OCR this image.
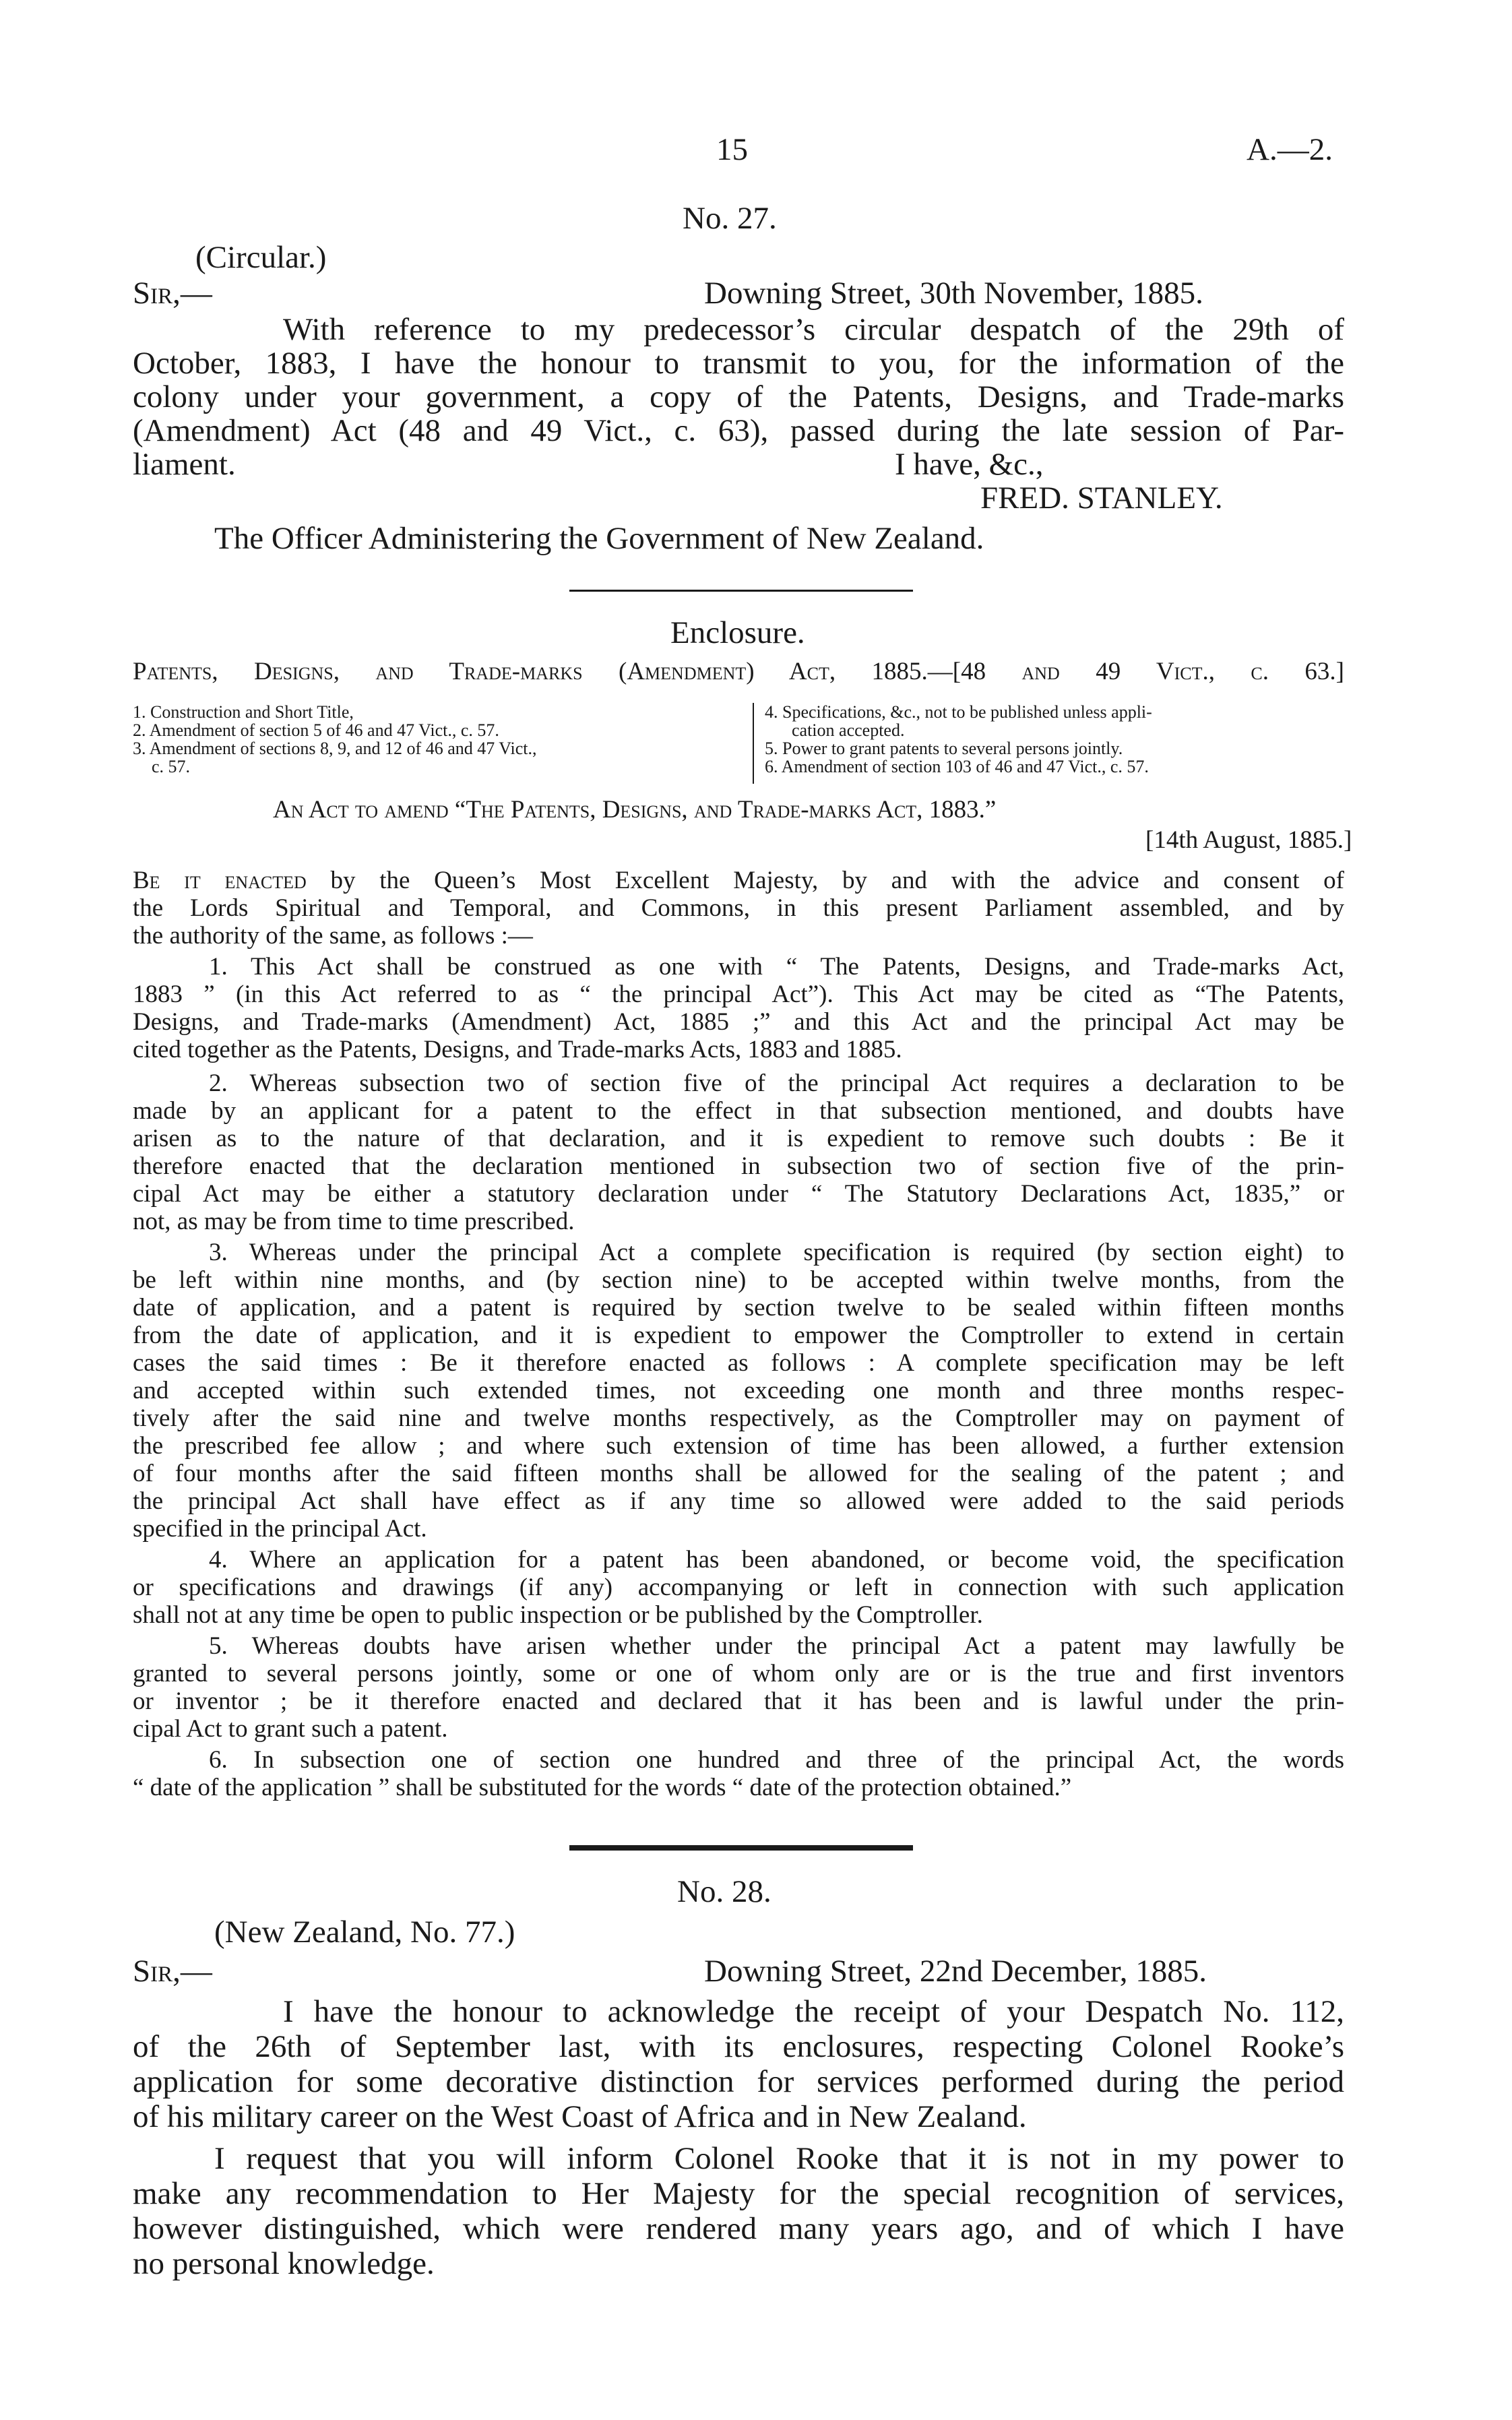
15	A.—2.
No. 27.
(Circular.)
Sir,—	Downing Street, 30th November, 1885.
With reference to my predecessor’s circular despatch of the 29th of
October, 1883, I have the honour to transmit to you, for the information of the
colony under your government, a copy of the Patents, Designs, and Trade-marks
(Amendment) Act (48 and 49 Vict., c. 63), passed during the late session of Par-
liament.	I have, &c.,
FRED. STANLEY.
The Officer Administering the Government of New Zealand.
Enclosure.
Patents, Designs, and Trade-marks (Amendment) Act, 1885.—[48 and 49 Vict., c. 63.]
1. Construction and Short Title,
2. Amendment of section 5 of 46 and 47 Vict., c. 57.
3. Amendment of sections 8, 9, and 12 of 46 and 47 Vict.,
c. 57.
4. Specifications, &c., not to be published unless appli-
cation accepted.
5. Power to grant patents to several persons jointly.
6. Amendment of section 103 of 46 and 47 Vict., c. 57.
An Act to amend “The Patents, Designs, and Trade-marks Act, 1883.”
[14th August, 1885.]
Be it enacted by the Queen’s Most Excellent Majesty, by and with the advice and consent of
the Lords Spiritual and Temporal, and Commons, in this present Parliament assembled, and by
the authority of the same, as follows :—
1. This Act shall be construed as one with “ The Patents, Designs, and Trade-marks Act,
1883 ” (in this Act referred to as “ the principal Act”). This Act may be cited as “The Patents,
Designs, and Trade-marks (Amendment) Act, 1885 ;” and this Act and the principal Act may be
cited together as the Patents, Designs, and Trade-marks Acts, 1883 and 1885.
2. Whereas subsection two of section five of the principal Act requires a declaration to be
made by an applicant for a patent to the effect in that subsection mentioned, and doubts have
arisen as to the nature of that declaration, and it is expedient to remove such doubts : Be it
therefore enacted that the declaration mentioned in subsection two of section five of the prin-
cipal Act may be either a statutory declaration under “ The Statutory Declarations Act, 1835,” or
not, as may be from time to time prescribed.
3. Whereas under the principal Act a complete specification is required (by section eight) to
be left within nine months, and (by section nine) to be accepted within twelve months, from the
date of application, and a patent is required by section twelve to be sealed within fifteen months
from the date of application, and it is expedient to empower the Comptroller to extend in certain
cases the said times : Be it therefore enacted as follows : A complete specification may be left
and accepted within such extended times, not exceeding one month and three months respec-
tively after the said nine and twelve months respectively, as the Comptroller may on payment of
the prescribed fee allow ; and where such extension of time has been allowed, a further extension
of four months after the said fifteen months shall be allowed for the sealing of the patent ; and
the principal Act shall have effect as if any time so allowed were added to the said periods
specified in the principal Act.
4. Where an application for a patent has been abandoned, or become void, the specification
or specifications and drawings (if any) accompanying or left in connection with such application
shall not at any time be open to public inspection or be published by the Comptroller.
5. Whereas doubts have arisen whether under the principal Act a patent may lawfully be
granted to several persons jointly, some or one of whom only are or is the true and first inventors
or inventor ; be it therefore enacted and declared that it has been and is lawful under the prin-
cipal Act to grant such a patent.
6. In subsection one of section one hundred and three of the principal Act, the words
“ date of the application ” shall be substituted for the words “ date of the protection obtained.”
No. 28.
(New Zealand, No. 77.)
Sir,—	Downing Street, 22nd December, 1885.
I have the honour to acknowledge the receipt of your Despatch No. 112,
of the 26th of September last, with its enclosures, respecting Colonel Rooke’s
application for some decorative distinction for services performed during the period
of his military career on the West Coast of Africa and in New Zealand.
I request that you will inform Colonel Rooke that it is not in my power to
make any recommendation to Her Majesty for the special recognition of services,
however distinguished, which were rendered many years ago, and of which I have
no personal knowledge.
